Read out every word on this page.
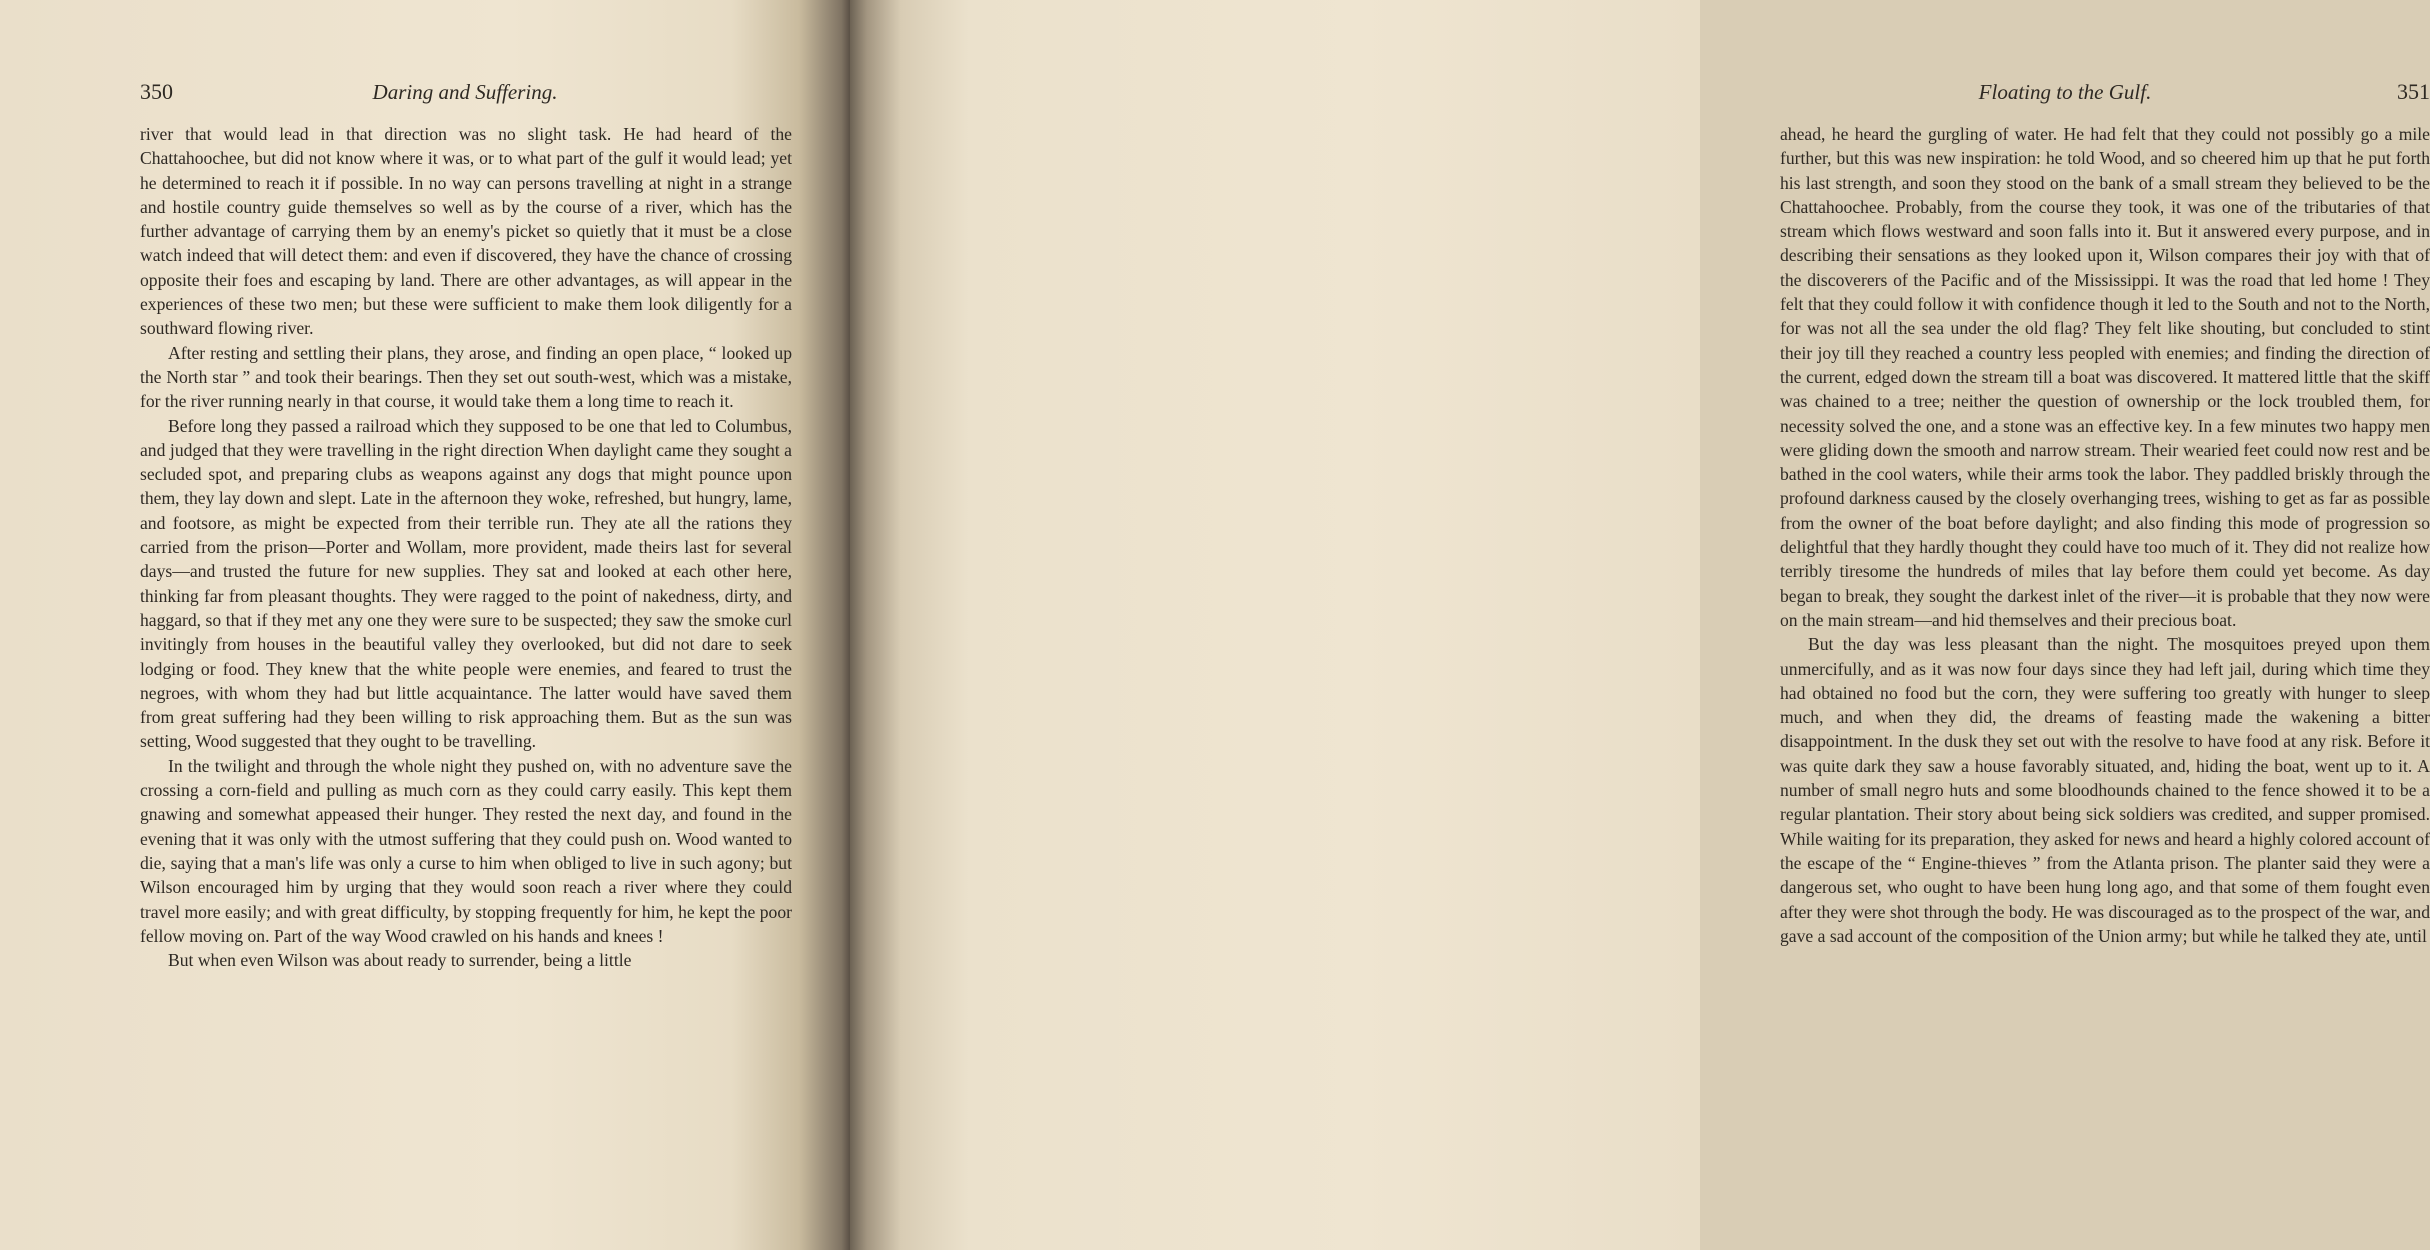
350	Daring and Suffering.

river that would lead in that direction was no slight task. He had heard of the Chattahoochee, but did not know where it was, or to what part of the gulf it would lead; yet he determined to reach it if possible. In no way can persons travelling at night in a strange and hostile country guide themselves so well as by the course of a river, which has the further advantage of carrying them by an enemy's picket so quietly that it must be a close watch indeed that will detect them: and even if discovered, they have the chance of crossing opposite their foes and escaping by land. There are other advantages, as will appear in the experiences of these two men; but these were sufficient to make them look diligently for a southward flowing river.

After resting and settling their plans, they arose, and finding an open place, “ looked up the North star ” and took their bearings. Then they set out south-west, which was a mistake, for the river running nearly in that course, it would take them a long time to reach it.

Before long they passed a railroad which they supposed to be one that led to Columbus, and judged that they were travelling in the right direction When daylight came they sought a secluded spot, and preparing clubs as weapons against any dogs that might pounce upon them, they lay down and slept. Late in the afternoon they woke, refreshed, but hungry, lame, and footsore, as might be expected from their terrible run. They ate all the rations they carried from the prison—Porter and Wollam, more provident, made theirs last for several days—and trusted the future for new supplies. They sat and looked at each other here, thinking far from pleasant thoughts. They were ragged to the point of nakedness, dirty, and haggard, so that if they met any one they were sure to be suspected; they saw the smoke curl invitingly from houses in the beautiful valley they overlooked, but did not dare to seek lodging or food. They knew that the white people were enemies, and feared to trust the negroes, with whom they had but little acquaintance. The latter would have saved them from great suffering had they been willing to risk approaching them. But as the sun was setting, Wood suggested that they ought to be travelling.

In the twilight and through the whole night they pushed on, with no adventure save the crossing a corn-field and pulling as much corn as they could carry easily. This kept them gnawing and somewhat appeased their hunger. They rested the next day, and found in the evening that it was only with the utmost suffering that they could push on. Wood wanted to die, saying that a man's life was only a curse to him when obliged to live in such agony; but Wilson encouraged him by urging that they would soon reach a river where they could travel more easily; and with great difficulty, by stopping frequently for him, he kept the poor fellow moving on. Part of the way Wood crawled on his hands and knees !

But when even Wilson was about ready to surrender, being a little

Floating to the Gulf.	351

ahead, he heard the gurgling of water. He had felt that they could not possibly go a mile further, but this was new inspiration: he told Wood, and so cheered him up that he put forth his last strength, and soon they stood on the bank of a small stream they believed to be the Chattahoochee. Probably, from the course they took, it was one of the tributaries of that stream which flows westward and soon falls into it. But it answered every purpose, and in describing their sensations as they looked upon it, Wilson compares their joy with that of the discoverers of the Pacific and of the Mississippi. It was the road that led home ! They felt that they could follow it with confidence though it led to the South and not to the North, for was not all the sea under the old flag? They felt like shouting, but concluded to stint their joy till they reached a country less peopled with enemies; and finding the direction of the current, edged down the stream till a boat was discovered. It mattered little that the skiff was chained to a tree; neither the question of ownership or the lock troubled them, for necessity solved the one, and a stone was an effective key. In a few minutes two happy men were gliding down the smooth and narrow stream. Their wearied feet could now rest and be bathed in the cool waters, while their arms took the labor. They paddled briskly through the profound darkness caused by the closely overhanging trees, wishing to get as far as possible from the owner of the boat before daylight; and also finding this mode of progression so delightful that they hardly thought they could have too much of it. They did not realize how terribly tiresome the hundreds of miles that lay before them could yet become. As day began to break, they sought the darkest inlet of the river—it is probable that they now were on the main stream—and hid themselves and their precious boat.

But the day was less pleasant than the night. The mosquitoes preyed upon them unmercifully, and as it was now four days since they had left jail, during which time they had obtained no food but the corn, they were suffering too greatly with hunger to sleep much, and when they did, the dreams of feasting made the wakening a bitter disappointment. In the dusk they set out with the resolve to have food at any risk. Before it was quite dark they saw a house favorably situated, and, hiding the boat, went up to it. A number of small negro huts and some bloodhounds chained to the fence showed it to be a regular plantation. Their story about being sick soldiers was credited, and supper promised. While waiting for its preparation, they asked for news and heard a highly colored account of the escape of the “ Engine-thieves ” from the Atlanta prison. The planter said they were a dangerous set, who ought to have been hung long ago, and that some of them fought even after they were shot through the body. He was discouraged as to the prospect of the war, and gave a sad account of the composition of the Union army; but while he talked they ate, until
